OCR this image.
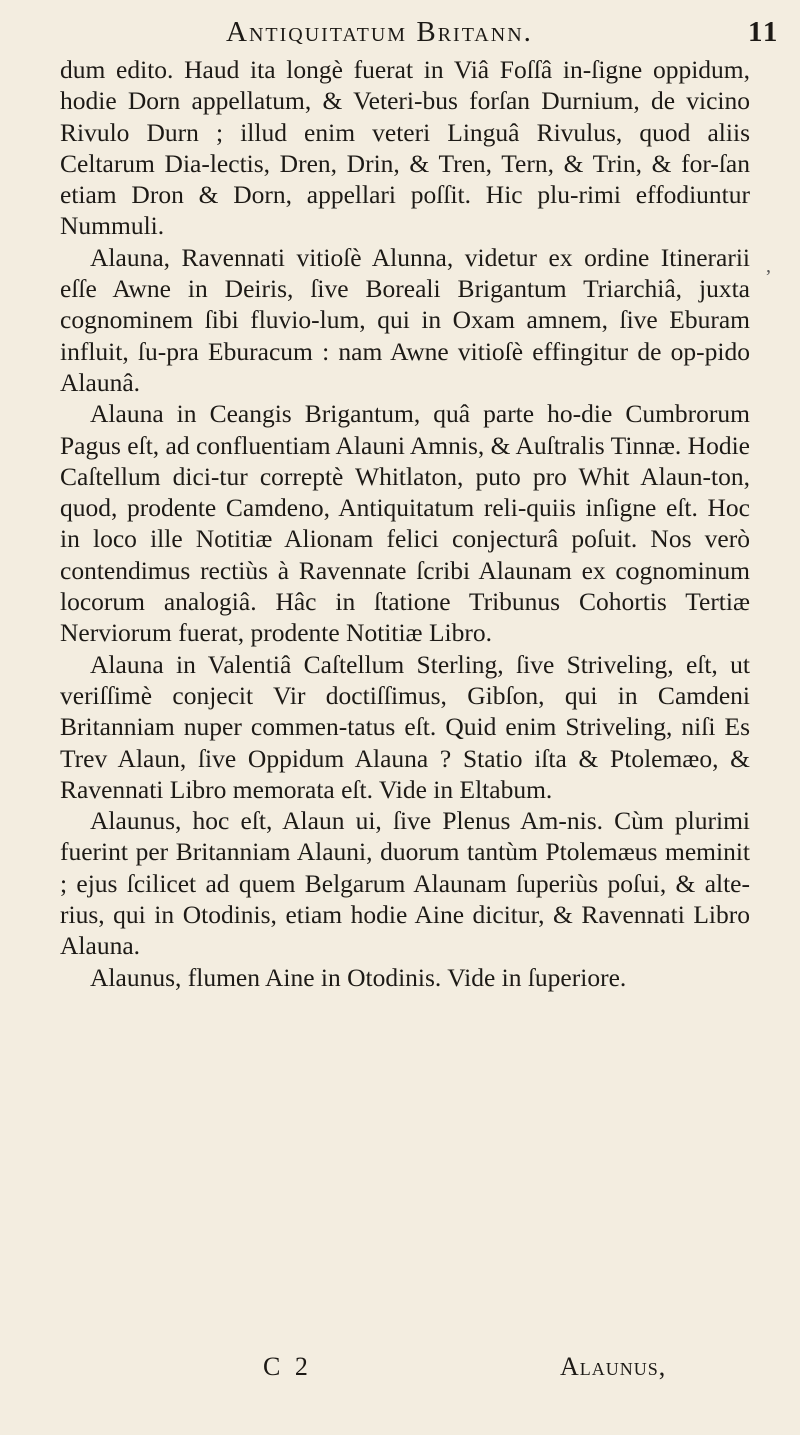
Antiquitatum Britann.	11

dum edito. Haud ita longè fuerat in Viâ Foſſâ in-ſigne oppidum, hodie Dorn appellatum, & Veteri-bus forſan Durnium, de vicino Rivulo Durn ; illud enim veteri Linguâ Rivulus, quod aliis Celtarum Dia-lectis, Dren, Drin, & Tren, Tern, & Trin, & for-ſan etiam Dron & Dorn, appellari poſſit. Hic plu-rimi effodiuntur Nummuli.

Alauna, Ravennati vitioſè Alunna, videtur ex ordine Itinerarii eſſe Awne in Deiris, ſive Boreali Brigantum Triarchiâ, juxta cognominem ſibi fluvio-lum, qui in Oxam amnem, ſive Eburam influit, ſu-pra Eburacum : nam Awne vitioſè effingitur de op-pido Alaunâ.

Alauna in Ceangis Brigantum, quâ parte ho-die Cumbrorum Pagus eſt, ad confluentiam Alauni Amnis, & Auſtralis Tinnæ. Hodie Caſtellum dici-tur correptè Whitlaton, puto pro Whit Alaun-ton, quod, prodente Camdeno, Antiquitatum reli-quiis inſigne eſt. Hoc in loco ille Notitiæ Alionam felici conjecturâ poſuit. Nos verò contendimus rectiùs à Ravennate ſcribi Alaunam ex cognominum locorum analogiâ. Hâc in ſtatione Tribunus Cohortis Tertiæ Nerviorum fuerat, prodente Notitiæ Libro.

Alauna in Valentiâ Caſtellum Sterling, ſive Striveling, eſt, ut veriſſimè conjecit Vir doctiſſimus, Gibſon, qui in Camdeni Britanniam nuper commen-tatus eſt. Quid enim Striveling, niſi Es Trev Alaun, ſive Oppidum Alauna ? Statio iſta & Ptolemæo, & Ravennati Libro memorata eſt. Vide in Eltabum.

Alaunus, hoc eſt, Alaun ui, ſive Plenus Am-nis. Cùm plurimi fuerint per Britanniam Alauni, duorum tantùm Ptolemæus meminit ; ejus ſcilicet ad quem Belgarum Alaunam ſuperiùs poſui, & alte-rius, qui in Otodinis, etiam hodie Aine dicitur, & Ravennati Libro Alauna.

Alaunus, flumen Aine in Otodinis. Vide in ſuperiore.

,
C 2	Alaunus,
